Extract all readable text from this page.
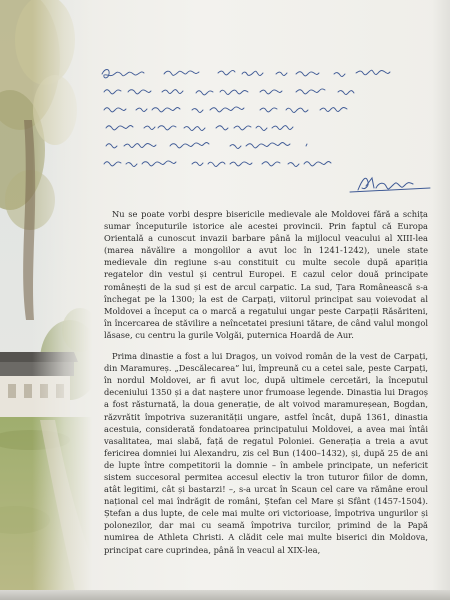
Nu se poate vorbi despre bisericile medievale ale Moldovei fără a schița sumar începuturile istorice ale acestei provincii. Prin faptul că Europa Orientală a cunoscut invazii barbare până la mijlocul veacului al XIII-lea (marea năvălire a mongolilor a avut loc în 1241-1242), unele state medievale din regiune s-au constituit cu multe secole după apariția regatelor din vestul și centrul Europei. E cazul celor două principate românești de la sud și est de arcul carpatic. La sud, Țara Românească s-a închegat pe la 1300; la est de Carpați, viitorul principat sau voievodat al Moldovei a început ca o marcă a regatului ungar peste Carpații Răsăriteni, în încercarea de stăvilire a neîncetatei presiuni tătare, de când valul mongol lăsase, cu centru la gurile Volgăi, puternica Hoardă de Aur.

Prima dinastie a fost a lui Dragoș, un voivod român de la vest de Carpați, din Maramureș. „Descălecarea” lui, împreună cu a cetei sale, peste Carpați, în nordul Moldovei, ar fi avut loc, după ultimele cercetări, la începutul deceniului 1350 și a dat naștere unor frumoase legende. Dinastia lui Dragoș a fost răsturnată, la doua generație, de alt voivod maramureșean, Bogdan, răzvrătit împotriva suzeranității ungare, astfel încât, după 1361, dinastia acestuia, considerată fondatoarea principatului Moldovei, a avea mai întâi vasalitatea, mai slabă, față de regatul Poloniei. Generația a treia a avut fericirea domniei lui Alexandru, zis cel Bun (1400–1432), și, după 25 de ani de lupte între competitorii la domnie – în ambele principate, un nefericit sistem succesoral permitea accesul electiv la tron tuturor fiilor de domn, atât legitimi, cât și bastarzi! –, s-a urcat în Scaun cel care va rămâne eroul național cel mai îndrăgit de români, Ștefan cel Mare și Sfânt (1457-1504). Ștefan a dus lupte, de cele mai multe ori victorioase, împotriva ungurilor și polonezilor, dar mai cu seamă împotriva turcilor, primind de la Papă numirea de Athleta Christi. A clădit cele mai multe biserici din Moldova, principat care cuprindea, până în veacul al XIX-lea,
